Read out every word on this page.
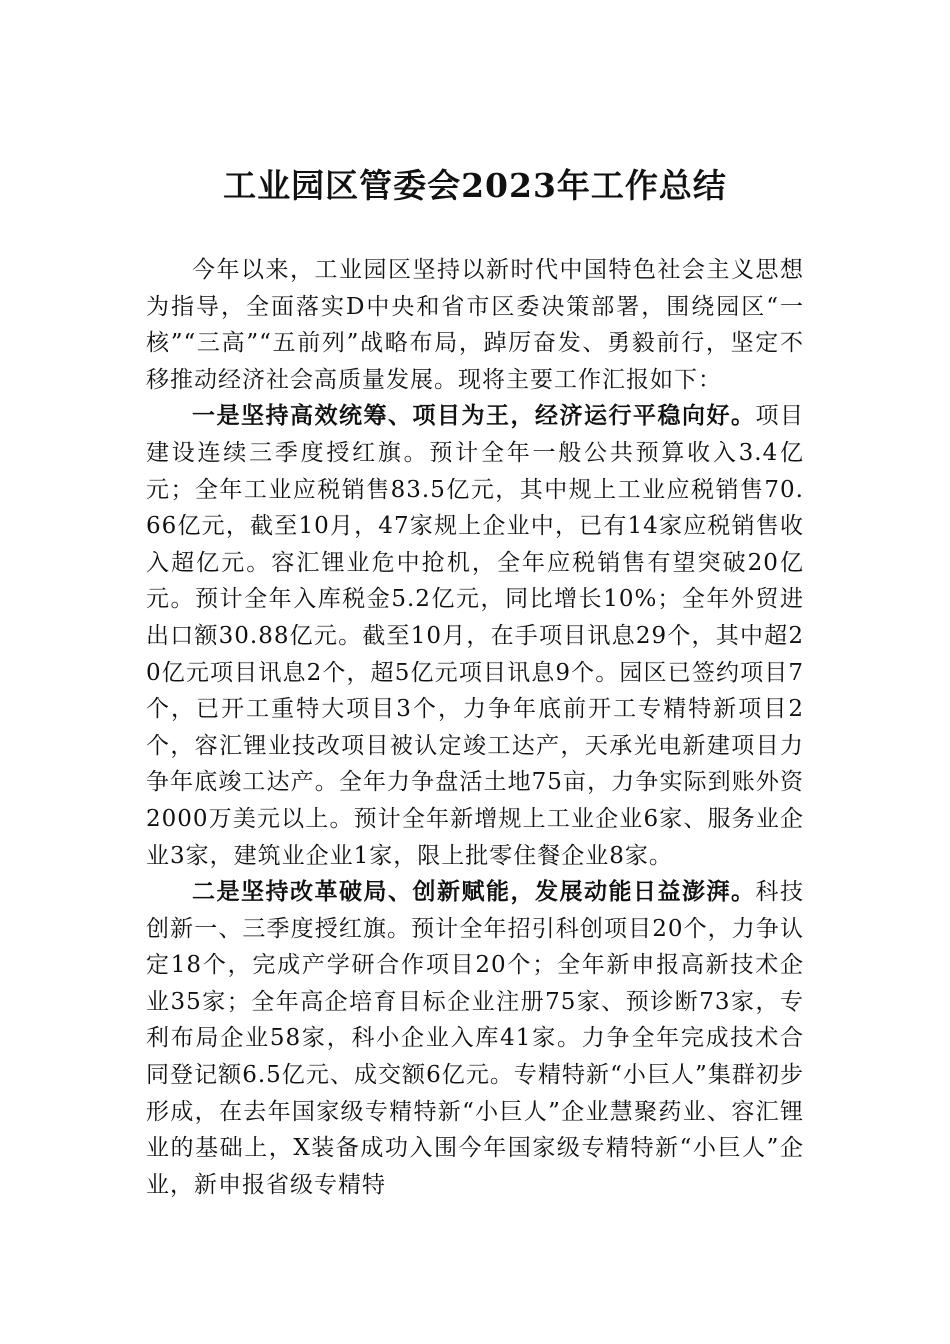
工业园区管委会2023年工作总结

今年以来，工业园区坚持以新时代中国特色社会主义思想为指导，全面落实D中央和省市区委决策部署，围绕园区“一核”“三高”“五前列”战略布局，踔厉奋发、勇毅前行，坚定不移推动经济社会高质量发展。现将主要工作汇报如下：

一是坚持高效统筹、项目为王，经济运行平稳向好。项目建设连续三季度授红旗。预计全年一般公共预算收入3.4亿元；全年工业应税销售83.5亿元，其中规上工业应税销售70.66亿元，截至10月，47家规上企业中，已有14家应税销售收入超亿元。容汇锂业危中抢机，全年应税销售有望突破20亿元。预计全年入库税金5.2亿元，同比增长10%；全年外贸进出口额30.88亿元。截至10月，在手项目讯息29个，其中超20亿元项目讯息2个，超5亿元项目讯息9个。园区已签约项目7个，已开工重特大项目3个，力争年底前开工专精特新项目2个，容汇锂业技改项目被认定竣工达产，天承光电新建项目力争年底竣工达产。全年力争盘活土地75亩，力争实际到账外资2000万美元以上。预计全年新增规上工业企业6家、服务业企业3家，建筑业企业1家，限上批零住餐企业8家。

二是坚持改革破局、创新赋能，发展动能日益澎湃。科技创新一、三季度授红旗。预计全年招引科创项目20个，力争认定18个，完成产学研合作项目20个；全年新申报高新技术企业35家；全年高企培育目标企业注册75家、预诊断73家，专利布局企业58家，科小企业入库41家。力争全年完成技术合同登记额6.5亿元、成交额6亿元。专精特新“小巨人”集群初步形成，在去年国家级专精特新“小巨人”企业慧聚药业、容汇锂业的基础上，X装备成功入围今年国家级专精特新“小巨人”企业，新申报省级专精特
